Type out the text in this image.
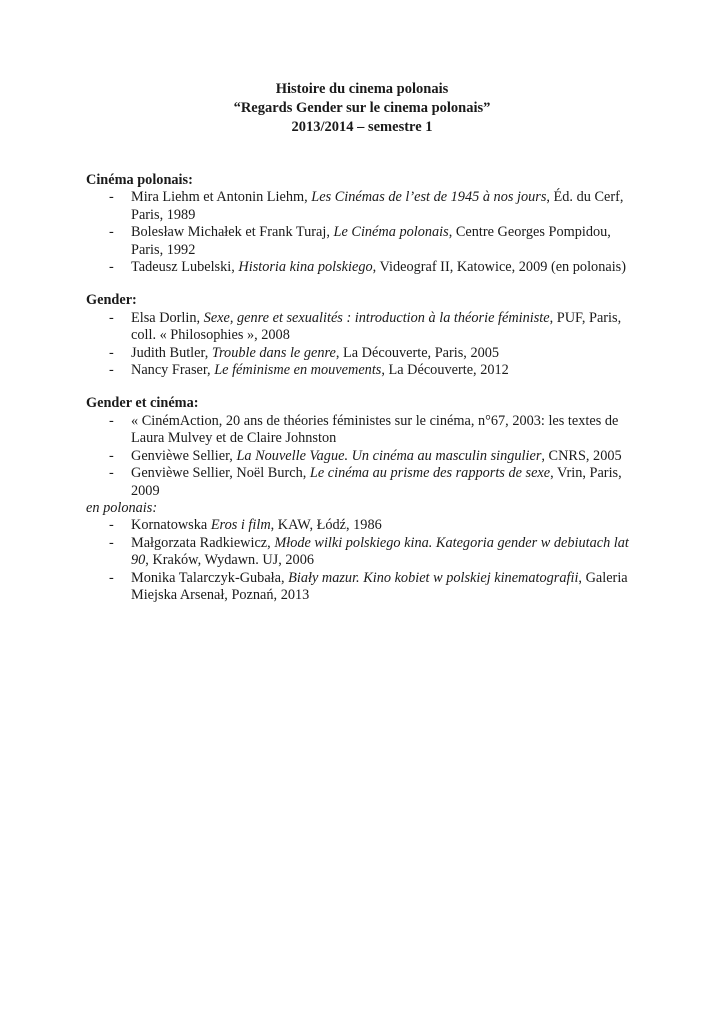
Histoire du cinema polonais
“Regards Gender sur le cinema polonais”
2013/2014 – semestre 1
Cinéma polonais:
- Mira Liehm et Antonin Liehm, Les Cinémas de l’est de 1945 à nos jours, Éd. du Cerf, Paris, 1989
- Bolesław Michałek et Frank Turaj, Le Cinéma polonais, Centre Georges Pompidou, Paris, 1992
- Tadeusz Lubelski, Historia kina polskiego, Videograf II, Katowice, 2009 (en polonais)
Gender:
- Elsa Dorlin, Sexe, genre et sexualités : introduction à la théorie féministe, PUF, Paris, coll. « Philosophies », 2008
- Judith Butler, Trouble dans le genre, La Découverte, Paris, 2005
- Nancy Fraser, Le féminisme en mouvements, La Découverte, 2012
Gender et cinéma:
- « CinémAction, 20 ans de théories féministes sur le cinéma, n°67, 2003: les textes de Laura Mulvey et de Claire Johnston
- Genvièwe Sellier, La Nouvelle Vague. Un cinéma au masculin singulier, CNRS, 2005
- Genvièwe Sellier, Noël Burch, Le cinéma au prisme des rapports de sexe, Vrin, Paris, 2009
en polonais:
- Kornatowska Eros i film, KAW, Łódź, 1986
- Małgorzata Radkiewicz, Młode wilki polskiego kina. Kategoria gender w debiutach lat 90, Kraków, Wydawn. UJ, 2006
- Monika Talarczyk-Gubała, Biały mazur. Kino kobiet w polskiej kinematografii, Galeria Miejska Arsenał, Poznań, 2013
